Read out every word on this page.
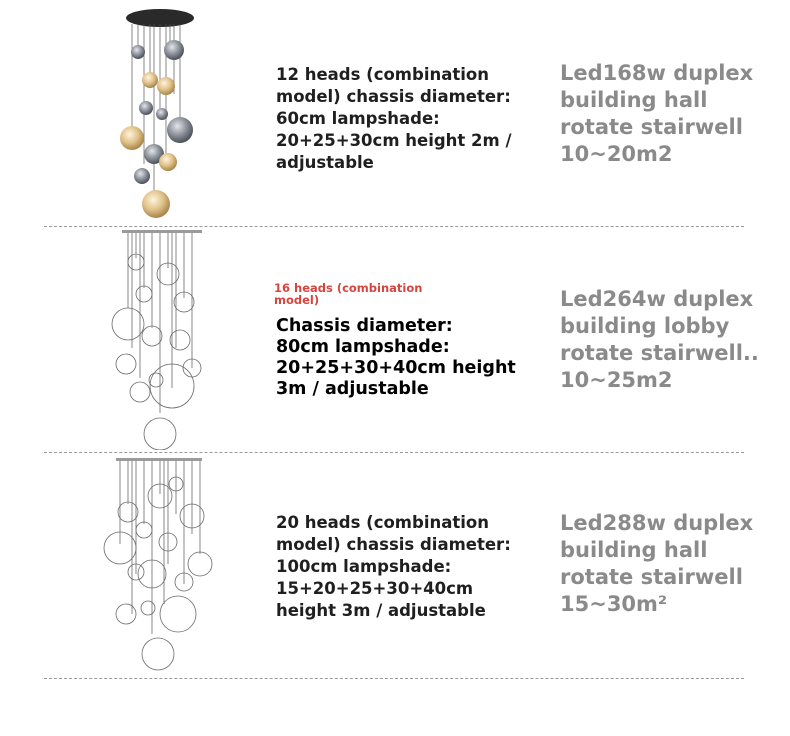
12 heads (combination
model) chassis diameter:
60cm lampshade:
20+25+30cm height 2m /
adjustable
Led168w duplex
building hall
rotate stairwell
10~20m2
16 heads (combination
model)
Chassis diameter:
80cm lampshade:
20+25+30+40cm height
3m / adjustable
Led264w duplex
building lobby
rotate stairwell..
10~25m2
20 heads (combination
model) chassis diameter:
100cm lampshade:
15+20+25+30+40cm
height 3m / adjustable
Led288w duplex
building hall
rotate stairwell
15~30m²
